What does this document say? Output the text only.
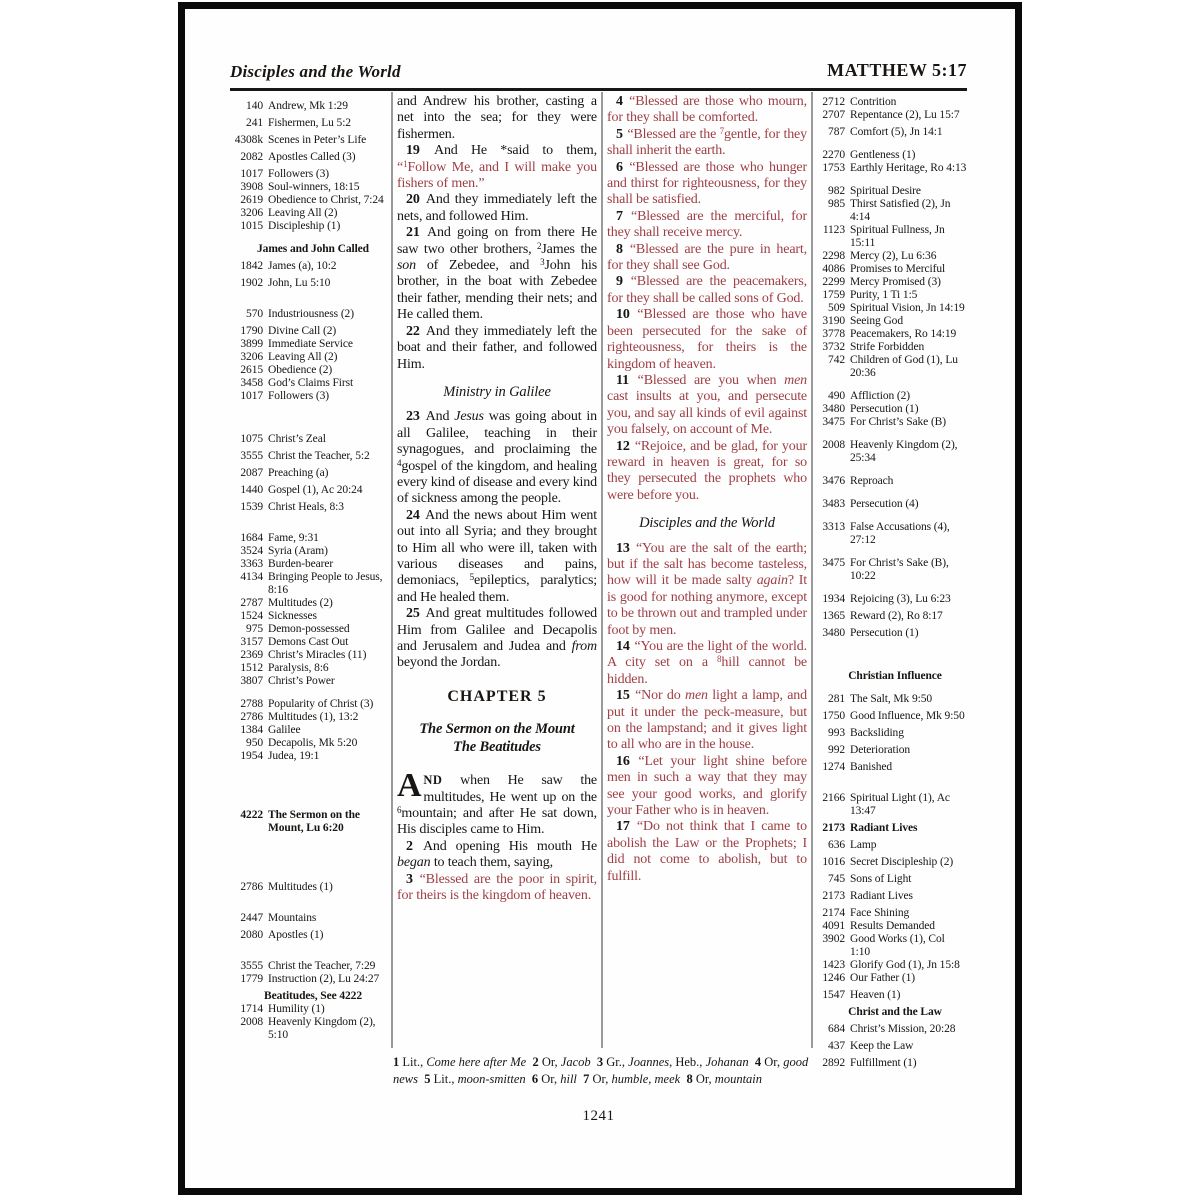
Disciples and the World	MATTHEW 5:17
140 Andrew, Mk 1:29
241 Fishermen, Lu 5:2
4308k Scenes in Peter’s Life
2082 Apostles Called (3)
1017 Followers (3)
3908 Soul-winners, 18:15
2619 Obedience to Christ, 7:24
3206 Leaving All (2)
1015 Discipleship (1)
James and John Called
1842 James (a), 10:2
1902 John, Lu 5:10
570 Industriousness (2)
1790 Divine Call (2)
3899 Immediate Service
3206 Leaving All (2)
2615 Obedience (2)
3458 God’s Claims First
1017 Followers (3)
1075 Christ’s Zeal
3555 Christ the Teacher, 5:2
2087 Preaching (a)
1440 Gospel (1), Ac 20:24
1539 Christ Heals, 8:3
1684 Fame, 9:31
3524 Syria (Aram)
3363 Burden-bearer
4134 Bringing People to Jesus, 8:16
2787 Multitudes (2)
1524 Sicknesses
975 Demon-possessed
3157 Demons Cast Out
2369 Christ’s Miracles (11)
1512 Paralysis, 8:6
3807 Christ’s Power
2788 Popularity of Christ (3)
2786 Multitudes (1), 13:2
1384 Galilee
950 Decapolis, Mk 5:20
1954 Judea, 19:1
4222 The Sermon on the Mount, Lu 6:20
2786 Multitudes (1)
2447 Mountains
2080 Apostles (1)
3555 Christ the Teacher, 7:29
1779 Instruction (2), Lu 24:27
Beatitudes, See 4222
1714 Humility (1)
2008 Heavenly Kingdom (2), 5:10

and Andrew his brother, casting a net into the sea; for they were fishermen.

19 And He *said to them, “$^1$Follow Me, and I will make you fishers of men.”

20 And they immediately left the nets, and followed Him.

21 And going on from there He saw two other brothers, $^2$James the son of Zebedee, and $^3$John his brother, in the boat with Zebedee their father, mending their nets; and He called them.

22 And they immediately left the boat and their father, and followed Him.

Ministry in Galilee

23 And Jesus was going about in all Galilee, teaching in their synagogues, and proclaiming the $^4$gospel of the kingdom, and healing every kind of disease and every kind of sickness among the people.

24 And the news about Him went out into all Syria; and they brought to Him all who were ill, taken with various diseases and pains, demoniacs, $^5$epileptics, paralytics; and He healed them.

25 And great multitudes followed Him from Galilee and Decapolis and Jerusalem and Judea and from beyond the Jordan.

CHAPTER 5

The Sermon on the Mount
The Beatitudes

AND when He saw the multitudes, He went up on the $^6$mountain; and after He sat down, His disciples came to Him.

2 And opening His mouth He began to teach them, saying,

3 “Blessed are the poor in spirit, for theirs is the kingdom of heaven.

4 “Blessed are those who mourn, for they shall be comforted.

5 “Blessed are the $^7$gentle, for they shall inherit the earth.

6 “Blessed are those who hunger and thirst for righteousness, for they shall be satisfied.

7 “Blessed are the merciful, for they shall receive mercy.

8 “Blessed are the pure in heart, for they shall see God.

9 “Blessed are the peacemakers, for they shall be called sons of God.

10 “Blessed are those who have been persecuted for the sake of righteousness, for theirs is the kingdom of heaven.

11 “Blessed are you when men cast insults at you, and persecute you, and say all kinds of evil against you falsely, on account of Me.

12 “Rejoice, and be glad, for your reward in heaven is great, for so they persecuted the prophets who were before you.

Disciples and the World

13 “You are the salt of the earth; but if the salt has become tasteless, how will it be made salty again? It is good for nothing anymore, except to be thrown out and trampled under foot by men.

14 “You are the light of the world. A city set on a $^8$hill cannot be hidden.

15 “Nor do men light a lamp, and put it under the peck-measure, but on the lampstand; and it gives light to all who are in the house.

16 “Let your light shine before men in such a way that they may see your good works, and glorify your Father who is in heaven.

17 “Do not think that I came to abolish the Law or the Prophets; I did not come to abolish, but to fulfill.

2712 Contrition
2707 Repentance (2), Lu 15:7
787 Comfort (5), Jn 14:1
2270 Gentleness (1)
1753 Earthly Heritage, Ro 4:13
982 Spiritual Desire
985 Thirst Satisfied (2), Jn 4:14
1123 Spiritual Fullness, Jn 15:11
2298 Mercy (2), Lu 6:36
4086 Promises to Merciful
2299 Mercy Promised (3)
1759 Purity, 1 Ti 1:5
509 Spiritual Vision, Jn 14:19
3190 Seeing God
3778 Peacemakers, Ro 14:19
3732 Strife Forbidden
742 Children of God (1), Lu 20:36
490 Affliction (2)
3480 Persecution (1)
3475 For Christ’s Sake (B)
2008 Heavenly Kingdom (2), 25:34
3476 Reproach
3483 Persecution (4)
3313 False Accusations (4), 27:12
3475 For Christ’s Sake (B), 10:22
1934 Rejoicing (3), Lu 6:23
1365 Reward (2), Ro 8:17
3480 Persecution (1)
Christian Influence
281 The Salt, Mk 9:50
1750 Good Influence, Mk 9:50
993 Backsliding
992 Deterioration
1274 Banished
2166 Spiritual Light (1), Ac 13:47
2173 Radiant Lives
636 Lamp
1016 Secret Discipleship (2)
745 Sons of Light
2173 Radiant Lives
2174 Face Shining
4091 Results Demanded
3902 Good Works (1), Col 1:10
1423 Glorify God (1), Jn 15:8
1246 Our Father (1)
1547 Heaven (1)
Christ and the Law
684 Christ’s Mission, 20:28
437 Keep the Law
2892 Fulfillment (1)

1 Lit., Come here after Me  2 Or, Jacob  3 Gr., Joannes, Heb., Johanan  4 Or, good news  5 Lit., moon-smitten  6 Or, hill  7 Or, humble, meek  8 Or, mountain

1241
